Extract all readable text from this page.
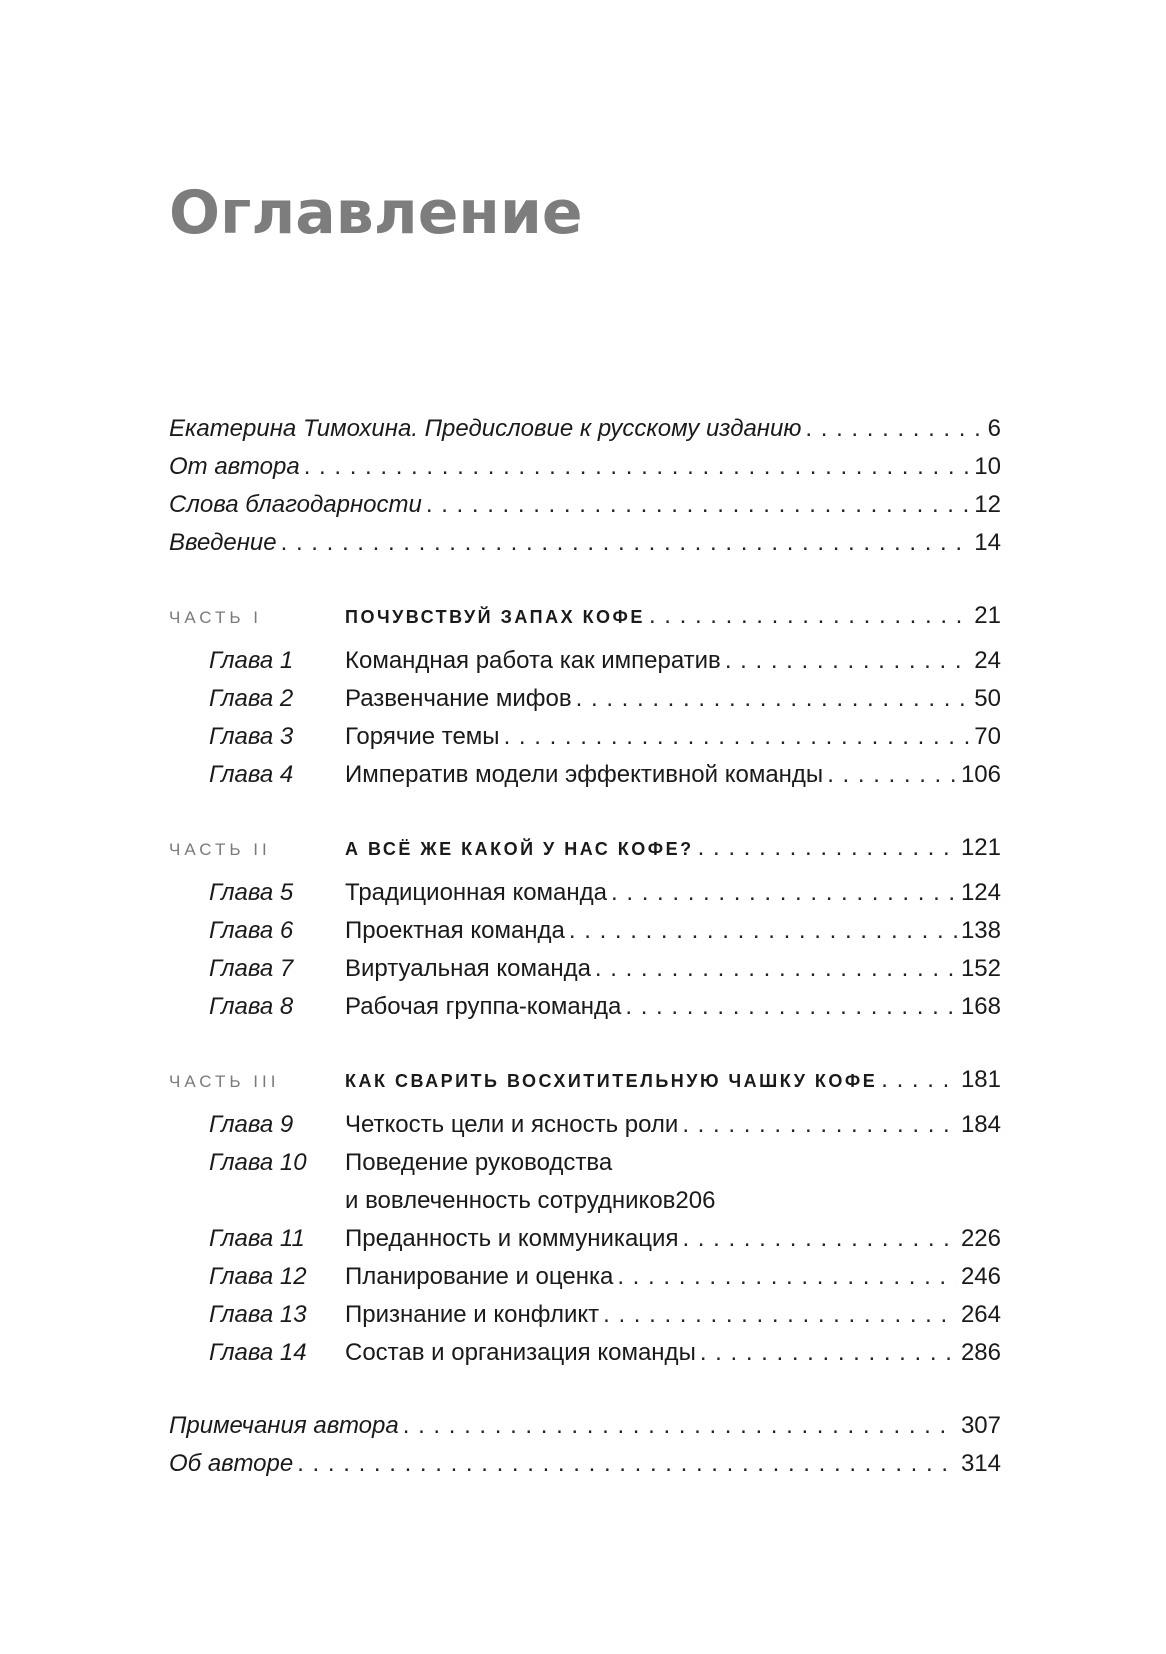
Оглавление
Екатерина Тимохина. Предисловие к русскому изданию . . .	6
От автора . . .	10
Слова благодарности . . .	12
Введение . . .	14
ЧАСТЬ I	ПОЧУВСТВУЙ ЗАПАХ КОФЕ . . .	21
Глава 1	Командная работа как императив . . .	24
Глава 2	Развенчание мифов . . .	50
Глава 3	Горячие темы . . .	70
Глава 4	Императив модели эффективной команды . . .	106
ЧАСТЬ II	А ВСЁ ЖЕ КАКОЙ У НАС КОФЕ? . . .	121
Глава 5	Традиционная команда . . .	124
Глава 6	Проектная команда . . .	138
Глава 7	Виртуальная команда . . .	152
Глава 8	Рабочая группа-команда . . .	168
ЧАСТЬ III	КАК СВАРИТЬ ВОСХИТИТЕЛЬНУЮ ЧАШКУ КОФЕ . . .	181
Глава 9	Четкость цели и ясность роли . . .	184
Глава 10	Поведение руководства
и вовлеченность сотрудников 206
Глава 11	Преданность и коммуникация . . .	226
Глава 12	Планирование и оценка . . .	246
Глава 13	Признание и конфликт . . .	264
Глава 14	Состав и организация команды . . .	286
Примечания автора . . .	307
Об авторе . . .	314
